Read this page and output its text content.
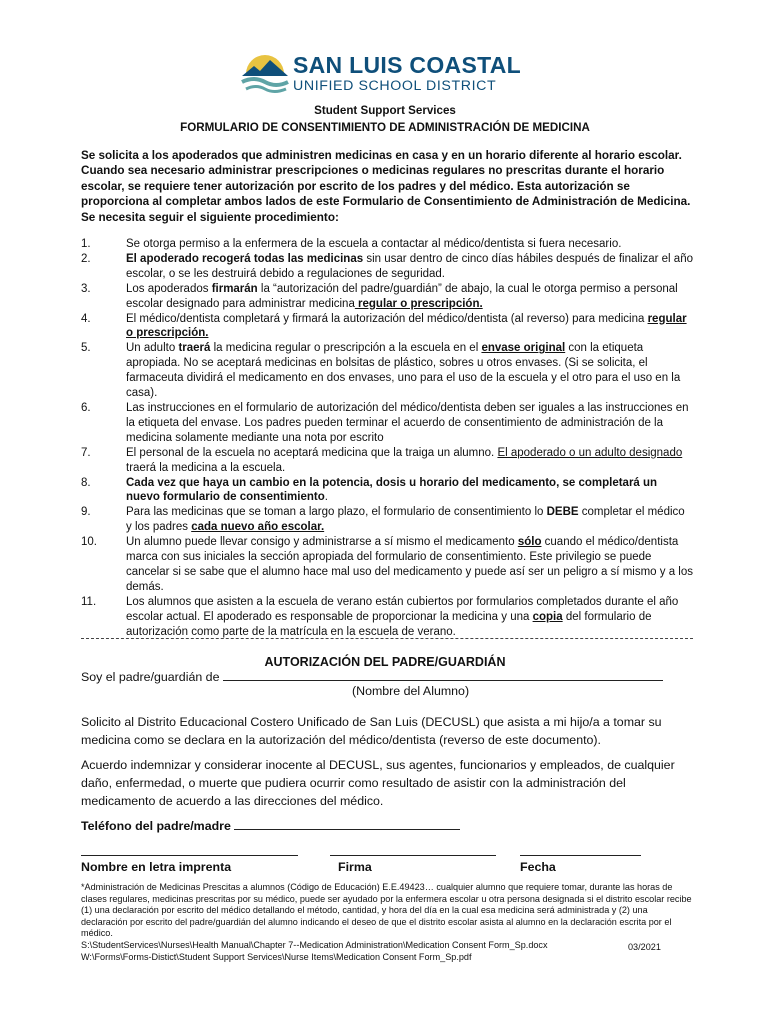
SAN LUIS COASTAL
UNIFIED SCHOOL DISTRICT
Student Support Services
FORMULARIO DE CONSENTIMIENTO DE ADMINISTRACIÓN DE MEDICINA
Se solicita a los apoderados que administren medicinas en casa y en un horario diferente al horario escolar. Cuando sea necesario administrar prescripciones o medicinas regulares no prescritas durante el horario escolar, se requiere tener autorización por escrito de los padres y del médico. Esta autorización se proporciona al completar ambos lados de este Formulario de Consentimiento de Administración de Medicina. Se necesita seguir el siguiente procedimiento:
1.	Se otorga permiso a la enfermera de la escuela a contactar al médico/dentista si fuera necesario.
2.	El apoderado recogerá todas las medicinas sin usar dentro de cinco días hábiles después de finalizar el año escolar, o se les destruirá debido a regulaciones de seguridad.
3.	Los apoderados firmarán la “autorización del padre/guardián” de abajo, la cual le otorga permiso a personal escolar designado para administrar medicina regular o prescripción.
4.	El médico/dentista completará y firmará la autorización del médico/dentista (al reverso) para medicina regular o prescripción.
5.	Un adulto traerá la medicina regular o prescripción a la escuela en el envase original con la etiqueta apropiada. No se aceptará medicinas en bolsitas de plástico, sobres u otros envases. (Si se solicita, el farmaceuta dividirá el medicamento en dos envases, uno para el uso de la escuela y el otro para el uso en la casa).
6.	Las instrucciones en el formulario de autorización del médico/dentista deben ser iguales a las instrucciones en la etiqueta del envase. Los padres pueden terminar el acuerdo de consentimiento de administración de la medicina solamente mediante una nota por escrito
7.	El personal de la escuela no aceptará medicina que la traiga un alumno. El apoderado o un adulto designado traerá la medicina a la escuela.
8.	Cada vez que haya un cambio en la potencia, dosis u horario del medicamento, se completará un nuevo formulario de consentimiento.
9.	Para las medicinas que se toman a largo plazo, el formulario de consentimiento lo DEBE completar el médico y los padres cada nuevo año escolar.
10.	Un alumno puede llevar consigo y administrarse a sí mismo el medicamento sólo cuando el médico/dentista marca con sus iniciales la sección apropiada del formulario de consentimiento. Este privilegio se puede cancelar si se sabe que el alumno hace mal uso del medicamento y puede así ser un peligro a sí mismo y a los demás.
11.	Los alumnos que asisten a la escuela de verano están cubiertos por formularios completados durante el año escolar actual. El apoderado es responsable de proporcionar la medicina y una copia del formulario de autorización como parte de la matrícula en la escuela de verano.
AUTORIZACIÓN DEL PADRE/GUARDIÁN
Soy el padre/guardián de
(Nombre del Alumno)
Solicito al Distrito Educacional Costero Unificado de San Luis (DECUSL) que asista a mi hijo/a a tomar su medicina como se declara en la autorización del médico/dentista (reverso de este documento).
Acuerdo indemnizar y considerar inocente al DECUSL, sus agentes, funcionarios y empleados, de cualquier daño, enfermedad, o muerte que pudiera ocurrir como resultado de asistir con la administración del medicamento de acuerdo a las direcciones del médico.
Teléfono del padre/madre
Nombre en letra imprenta	Firma	Fecha
*Administración de Medicinas Prescitas a alumnos (Código de Educación) E.E.49423… cualquier alumno que requiere tomar, durante las horas de clases regulares, medicinas prescritas por su médico, puede ser ayudado por la enfermera escolar u otra persona designada si el distrito escolar recibe (1) una declaración por escrito del médico detallando el método, cantidad, y hora del día en la cual esa medicina será administrada y (2) una declaración por escrito del padre/guardián del alumno indicando el deseo de que el distrito escolar asista al alumno en la declaración escrita por el médico.
S:\StudentServices\Nurses\Health Manual\Chapter 7--Medication Administration\Medication Consent Form_Sp.docx
W:\Forms\Forms-Distict\Student Support Services\Nurse Items\Medication Consent Form_Sp.pdf
03/2021
